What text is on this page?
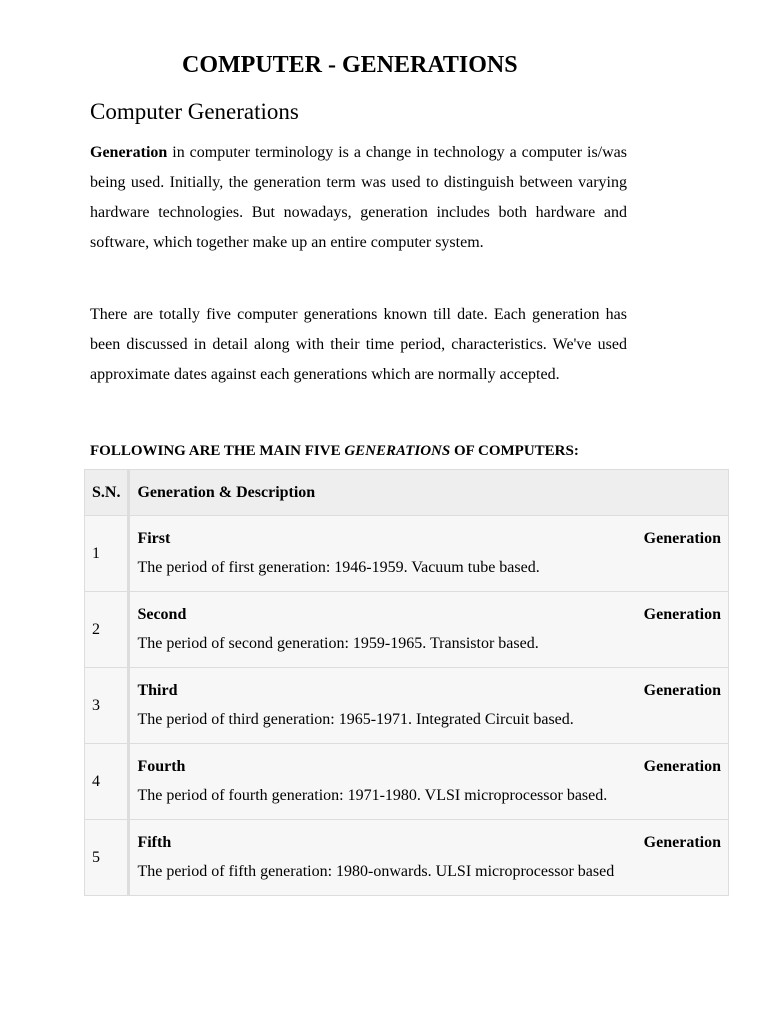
COMPUTER - GENERATIONS
Computer Generations

Generation in computer terminology is a change in technology a computer is/was being used. Initially, the generation term was used to distinguish between varying hardware technologies. But nowadays, generation includes both hardware and software, which together make up an entire computer system.

There are totally five computer generations known till date. Each generation has been discussed in detail along with their time period, characteristics. We've used approximate dates against each generations which are normally accepted.

FOLLOWING ARE THE MAIN FIVE GENERATIONS OF COMPUTERS:
S.N.	Generation & Description
1	First Generation
The period of first generation: 1946-1959. Vacuum tube based.

2	Second Generation
The period of second generation: 1959-1965. Transistor based.

3	Third Generation
The period of third generation: 1965-1971. Integrated Circuit based.

4	Fourth Generation
The period of fourth generation: 1971-1980. VLSI microprocessor based.

5	Fifth Generation
The period of fifth generation: 1980-onwards. ULSI microprocessor based
